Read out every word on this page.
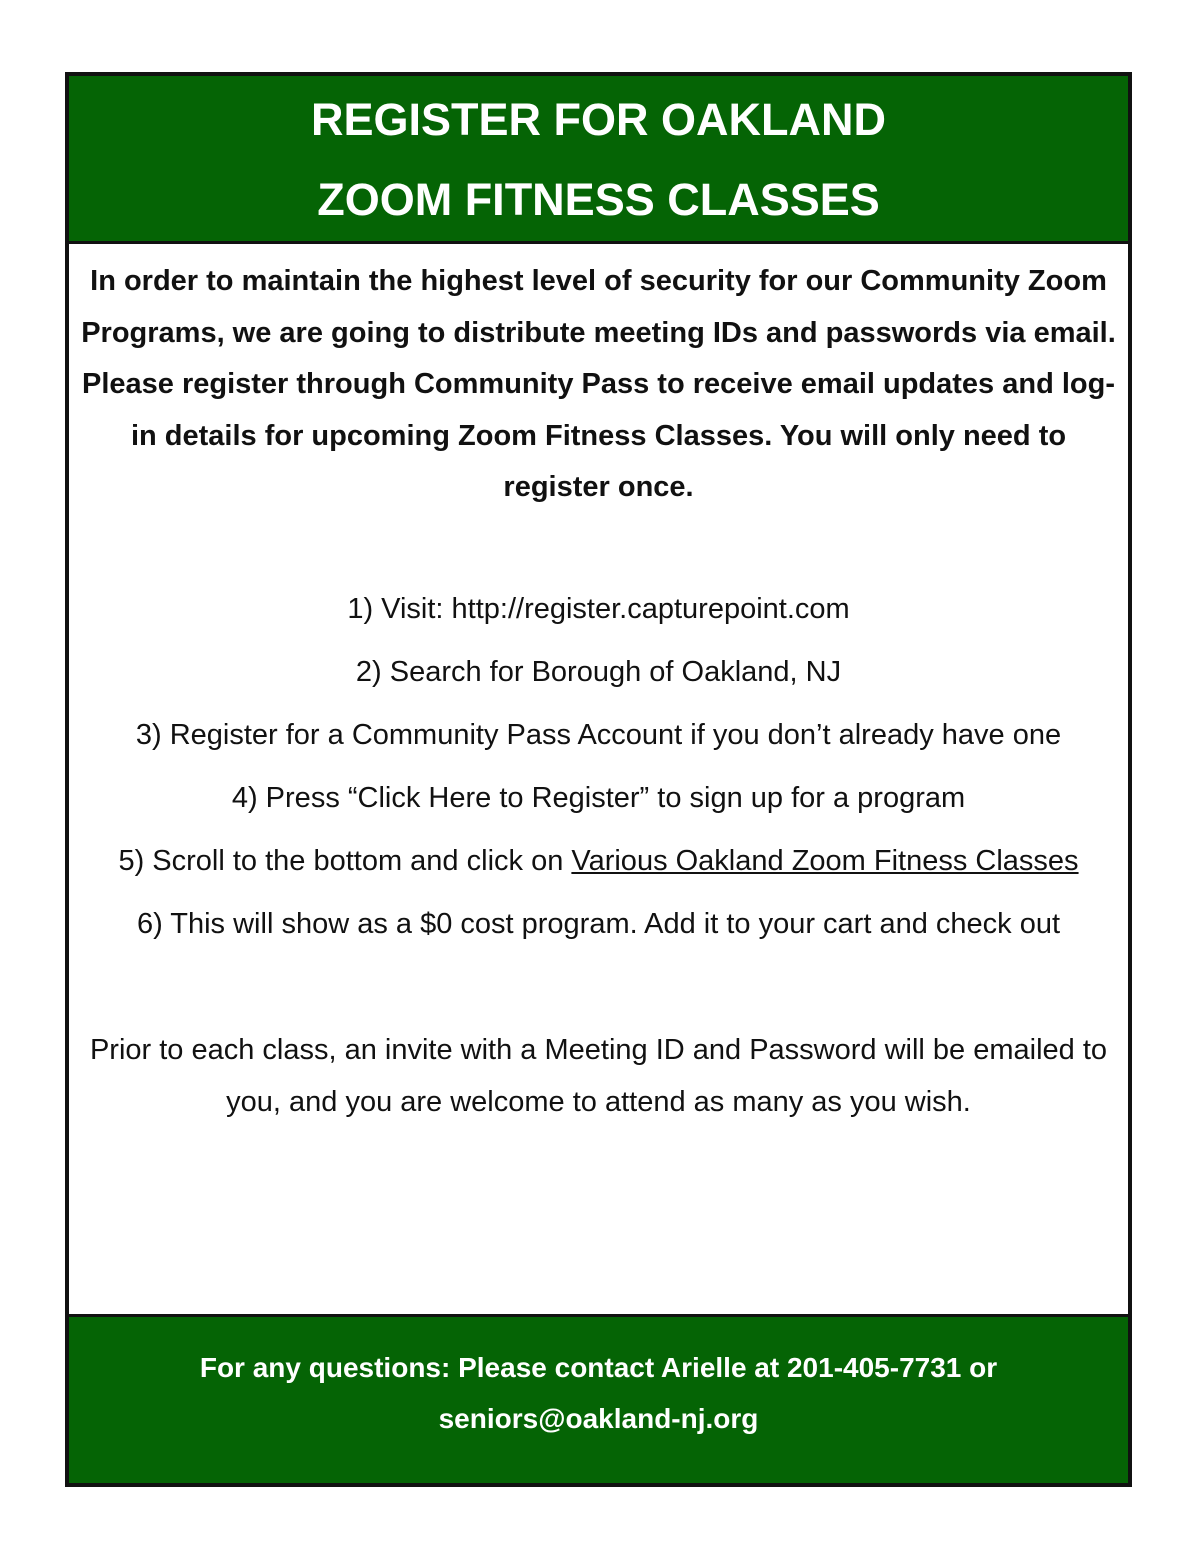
REGISTER FOR OAKLAND
ZOOM FITNESS CLASSES
In order to maintain the highest level of security for our Community Zoom Programs, we are going to distribute meeting IDs and passwords via email. Please register through Community Pass to receive email updates and log-in details for upcoming Zoom Fitness Classes. You will only need to register once.
1) Visit: http://register.capturepoint.com
2) Search for Borough of Oakland, NJ
3) Register for a Community Pass Account if you don’t already have one
4) Press “Click Here to Register” to sign up for a program
5) Scroll to the bottom and click on Various Oakland Zoom Fitness Classes
6) This will show as a $0 cost program. Add it to your cart and check out
Prior to each class, an invite with a Meeting ID and Password will be emailed to you, and you are welcome to attend as many as you wish.
For any questions: Please contact Arielle at 201-405-7731 or seniors@oakland-nj.org
